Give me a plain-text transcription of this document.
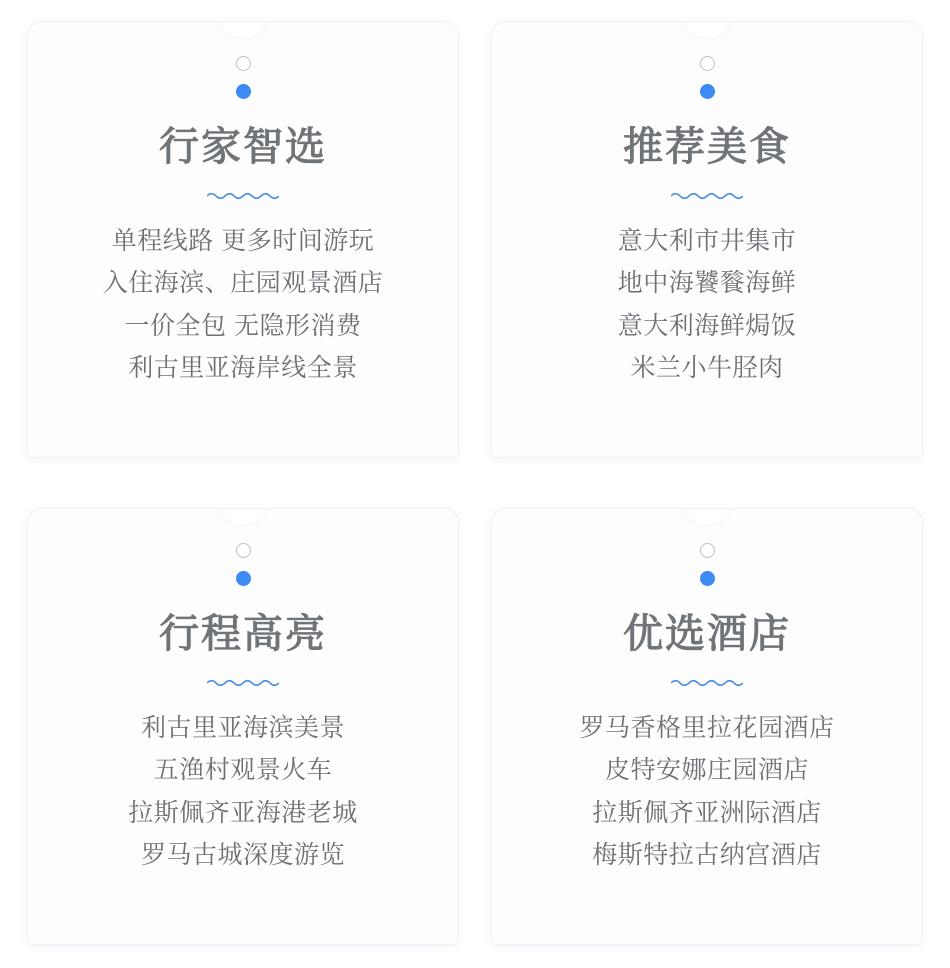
行家智选
单程线路 更多时间游玩
入住海滨、庄园观景酒店
一价全包 无隐形消费
利古里亚海岸线全景
推荐美食
意大利市井集市
地中海饕餮海鲜
意大利海鲜焗饭
米兰小牛胫肉
行程高亮
利古里亚海滨美景
五渔村观景火车
拉斯佩齐亚海港老城
罗马古城深度游览
优选酒店
罗马香格里拉花园酒店
皮特安娜庄园酒店
拉斯佩齐亚洲际酒店
梅斯特拉古纳宫酒店
